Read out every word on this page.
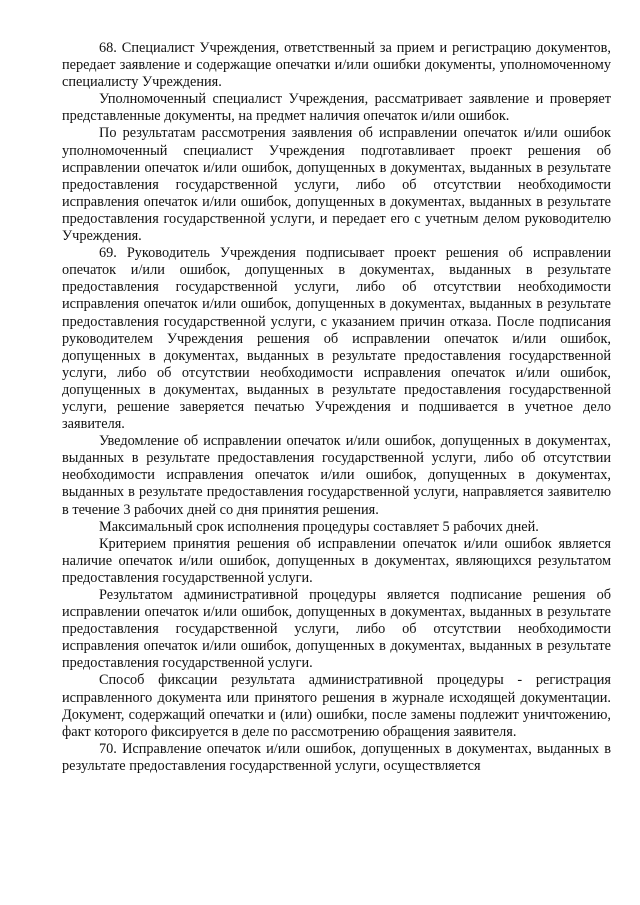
68. Специалист Учреждения, ответственный за прием и регистрацию документов, передает заявление и содержащие опечатки и/или ошибки документы, уполномоченному специалисту Учреждения.

Уполномоченный специалист Учреждения, рассматривает заявление и проверяет представленные документы, на предмет наличия опечаток и/или ошибок.

По результатам рассмотрения заявления об исправлении опечаток и/или ошибок уполномоченный специалист Учреждения подготавливает проект решения об исправлении опечаток и/или ошибок, допущенных в документах, выданных в результате предоставления государственной услуги, либо об отсутствии необходимости исправления опечаток и/или ошибок, допущенных в документах, выданных в результате предоставления государственной услуги, и передает его с учетным делом руководителю Учреждения.

69. Руководитель Учреждения подписывает проект решения об исправлении опечаток и/или ошибок, допущенных в документах, выданных в результате предоставления государственной услуги, либо об отсутствии необходимости исправления опечаток и/или ошибок, допущенных в документах, выданных в результате предоставления государственной услуги, с указанием причин отказа. После подписания руководителем Учреждения решения об исправлении опечаток и/или ошибок, допущенных в документах, выданных в результате предоставления государственной услуги, либо об отсутствии необходимости исправления опечаток и/или ошибок, допущенных в документах, выданных в результате предоставления государственной услуги, решение заверяется печатью Учреждения и подшивается в учетное дело заявителя.

Уведомление об исправлении опечаток и/или ошибок, допущенных в документах, выданных в результате предоставления государственной услуги, либо об отсутствии необходимости исправления опечаток и/или ошибок, допущенных в документах, выданных в результате предоставления государственной услуги, направляется заявителю в течение 3 рабочих дней со дня принятия решения.

Максимальный срок исполнения процедуры составляет 5 рабочих дней.

Критерием принятия решения об исправлении опечаток и/или ошибок является наличие опечаток и/или ошибок, допущенных в документах, являющихся результатом предоставления государственной услуги.

Результатом административной процедуры является подписание решения об исправлении опечаток и/или ошибок, допущенных в документах, выданных в результате предоставления государственной услуги, либо об отсутствии необходимости исправления опечаток и/или ошибок, допущенных в документах, выданных в результате предоставления государственной услуги.

Способ фиксации результата административной процедуры - регистрация исправленного документа или принятого решения в журнале исходящей документации. Документ, содержащий опечатки и (или) ошибки, после замены подлежит уничтожению, факт которого фиксируется в деле по рассмотрению обращения заявителя.

70. Исправление опечаток и/или ошибок, допущенных в документах, выданных в результате предоставления государственной услуги, осуществляется
